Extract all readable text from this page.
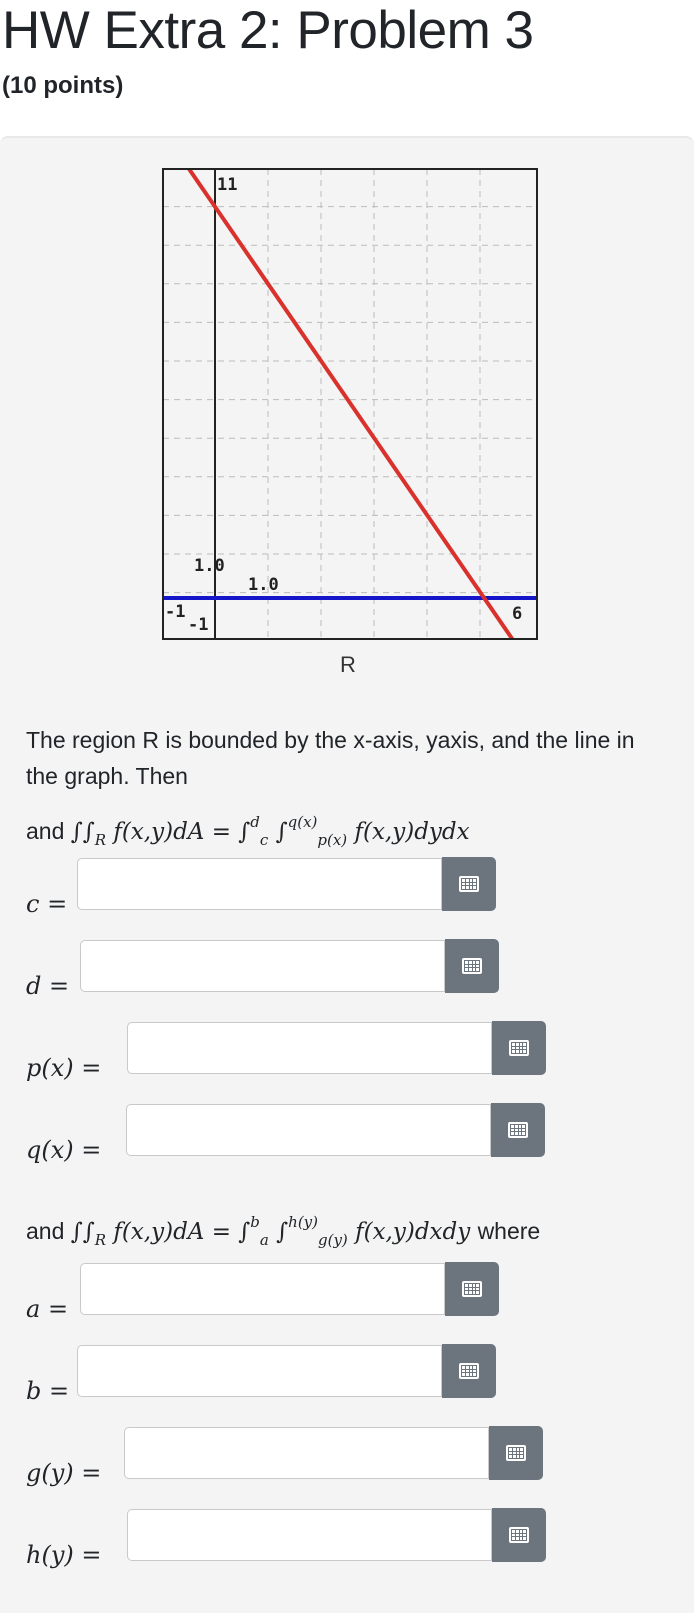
HW Extra 2: Problem 3
(10 points)
11
1.0
1.0
-1
-1
6
R
The region R is bounded by the x-axis, yaxis, and the line in the graph. Then
and $\int\int_R$ f(x,y)dA = ∫$^d_c$ ∫$^{q(x)}_{p(x)}$ f(x,y)dydx
and $\int\int_R$ f(x,y)dA = ∫$^b_a$ ∫$^{h(y)}_{g(y)}$ f(x,y)dxdy where
c =
d =
p(x) =
q(x) =
a =
b =
g(y) =
h(y) =
